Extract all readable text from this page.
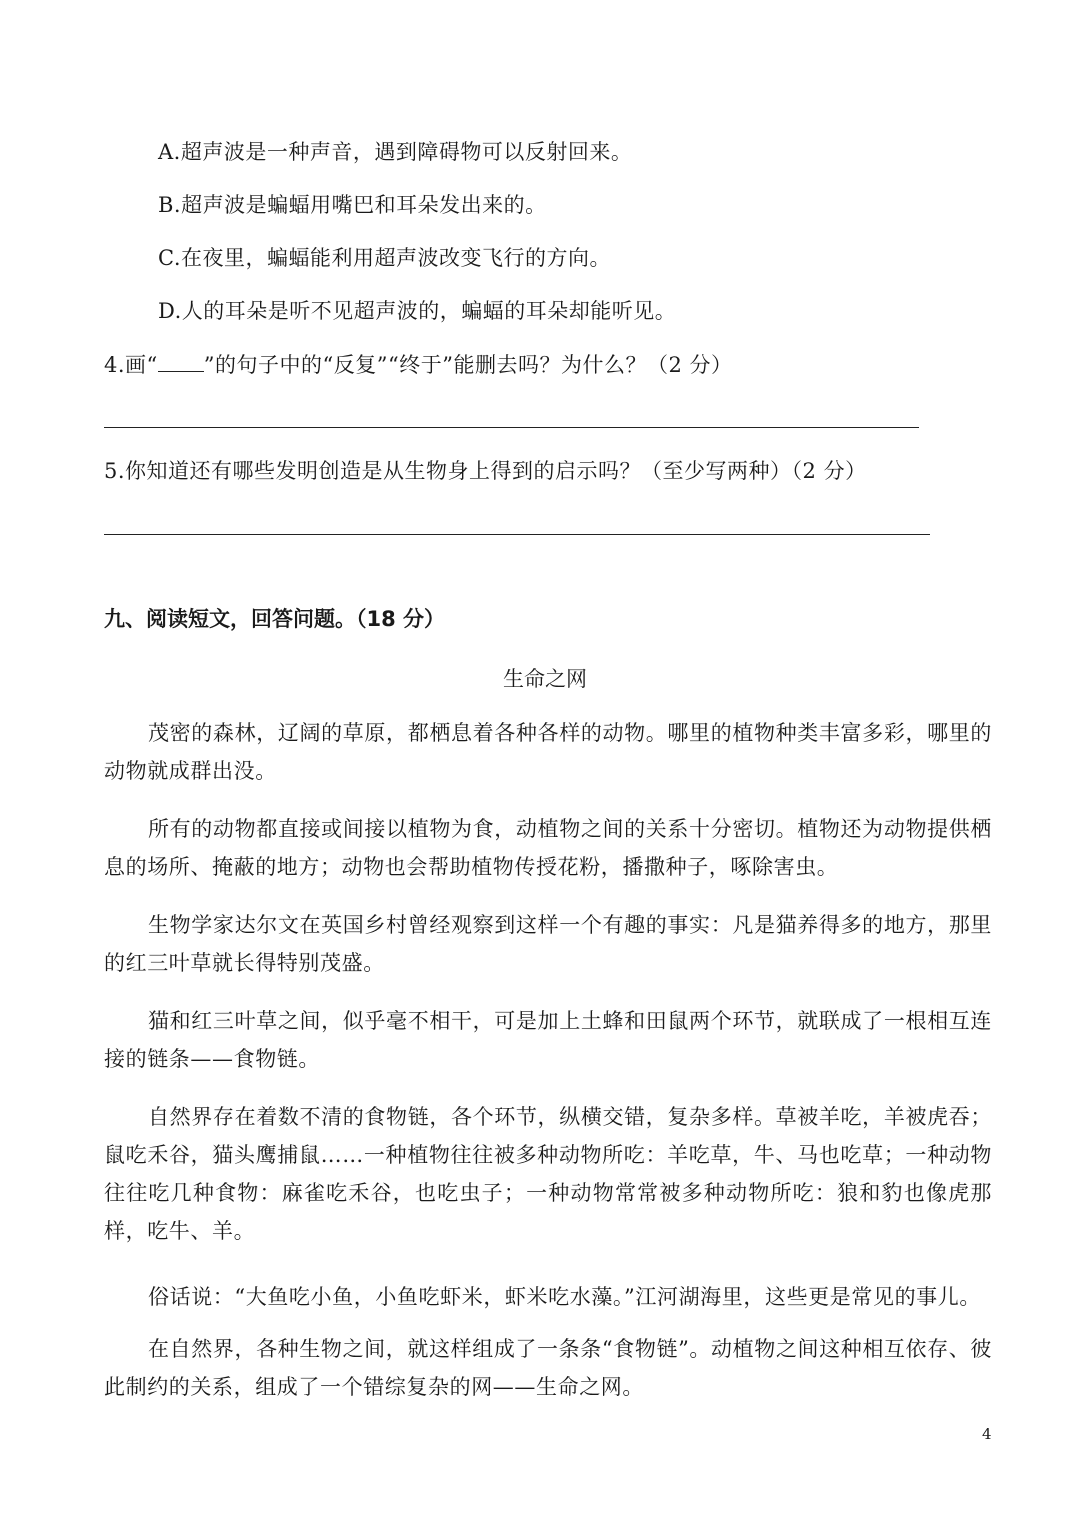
A.超声波是一种声音，遇到障碍物可以反射回来。
B.超声波是蝙蝠用嘴巴和耳朵发出来的。
C.在夜里，蝙蝠能利用超声波改变飞行的方向。
D.人的耳朵是听不见超声波的，蝙蝠的耳朵却能听见。
4.画“ ”的句子中的“反复”“终于”能删去吗？为什么？（2 分）
5.你知道还有哪些发明创造是从生物身上得到的启示吗？（至少写两种）（2 分）
九、阅读短文，回答问题。（18 分）
生命之网
茂密的森林，辽阔的草原，都栖息着各种各样的动物。哪里的植物种类丰富多彩，哪里的动物就成群出没。
所有的动物都直接或间接以植物为食，动植物之间的关系十分密切。植物还为动物提供栖息的场所、掩蔽的地方；动物也会帮助植物传授花粉，播撒种子，啄除害虫。
生物学家达尔文在英国乡村曾经观察到这样一个有趣的事实：凡是猫养得多的地方，那里的红三叶草就长得特别茂盛。
猫和红三叶草之间，似乎毫不相干，可是加上土蜂和田鼠两个环节，就联成了一根相互连接的链条——食物链。
自然界存在着数不清的食物链，各个环节，纵横交错，复杂多样。草被羊吃，羊被虎吞；鼠吃禾谷，猫头鹰捕鼠……一种植物往往被多种动物所吃：羊吃草，牛、马也吃草；一种动物往往吃几种食物：麻雀吃禾谷，也吃虫子；一种动物常常被多种动物所吃：狼和豹也像虎那样，吃牛、羊。
俗话说：“大鱼吃小鱼，小鱼吃虾米，虾米吃水藻。”江河湖海里，这些更是常见的事儿。
在自然界，各种生物之间，就这样组成了一条条“食物链”。动植物之间这种相互依存、彼此制约的关系，组成了一个错综复杂的网——生命之网。
4
